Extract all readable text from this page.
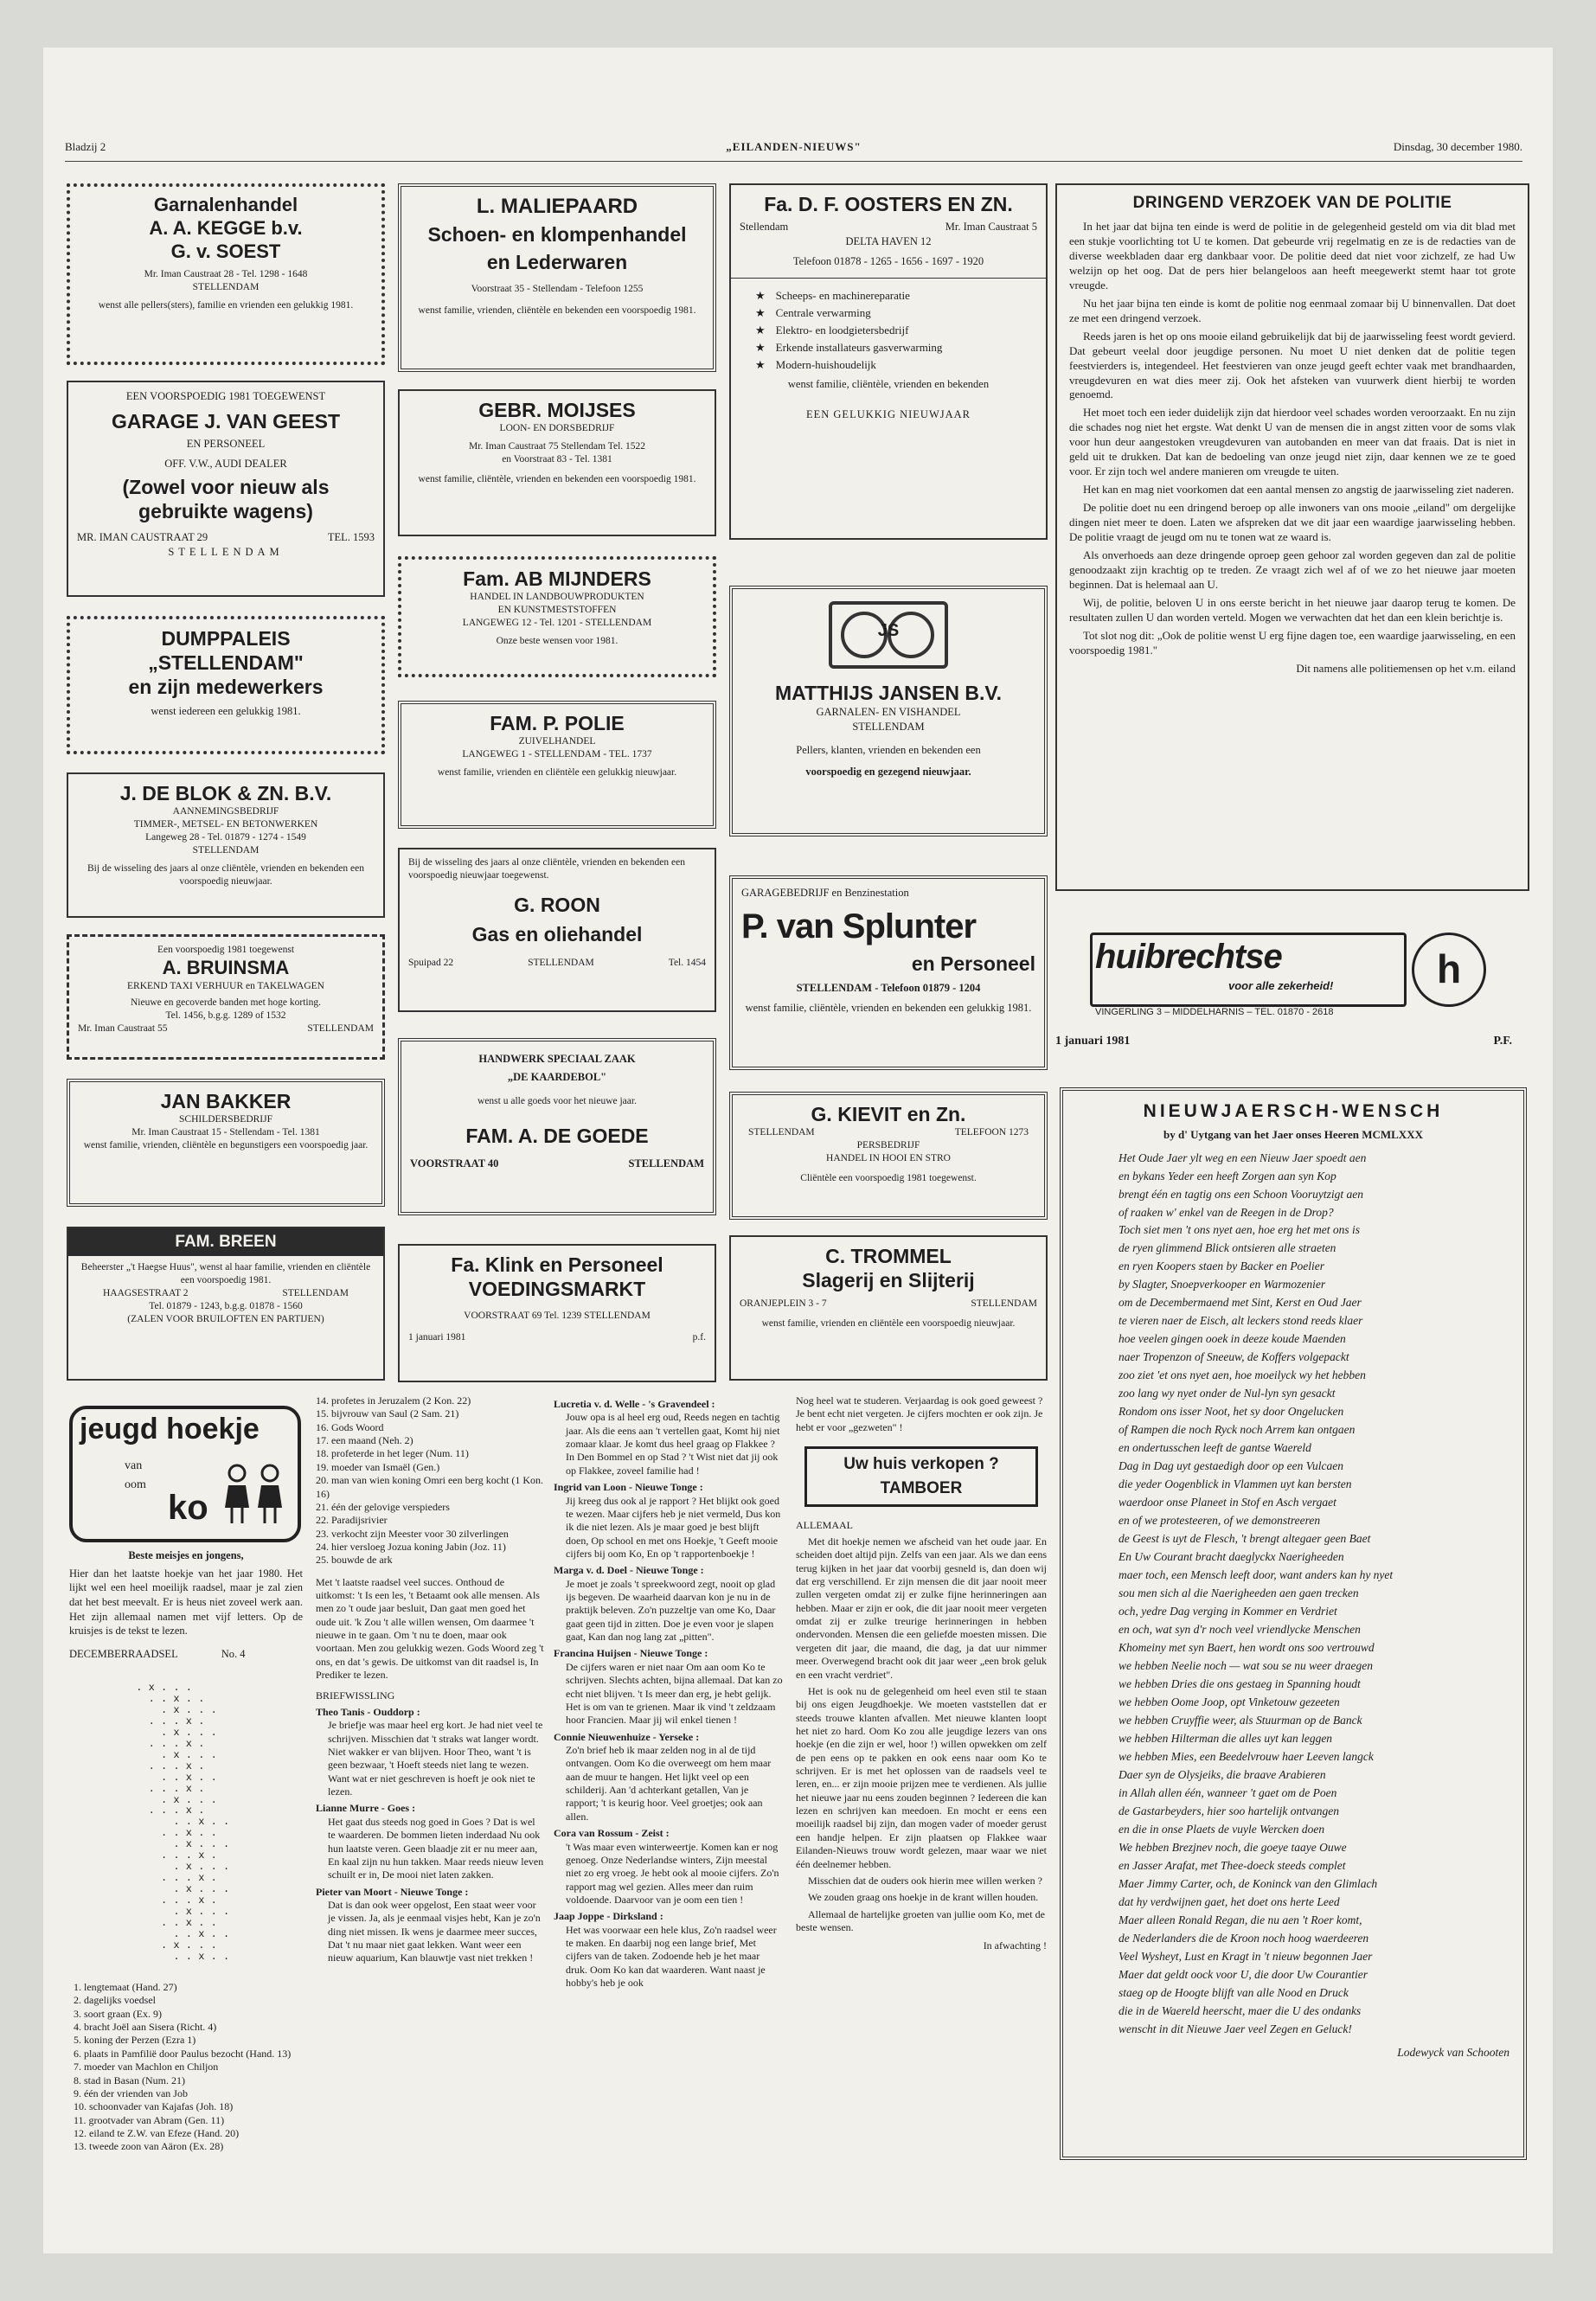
Bladzij 2	„EILANDEN-NIEUWS"	Dinsdag, 30 december 1980.
Garnalenhandel
A. A. KEGGE b.v.
G. v. SOEST
Mr. Iman Caustraat 28 - Tel. 1298 - 1648
STELLENDAM
wenst alle pellers(sters), familie en vrienden een gelukkig 1981.
EEN VOORSPOEDIG 1981 TOEGEWENST
GARAGE J. VAN GEEST
EN PERSONEEL
OFF. V.W., AUDI DEALER
(Zowel voor nieuw als gebruikte wagens)
MR. IMAN CAUSTRAAT 29	TEL. 1593
STELLENDAM
DUMPPALEIS
„STELLENDAM"
en zijn medewerkers
wenst iedereen een gelukkig 1981.
J. DE BLOK & ZN. B.V.
AANNEMINGSBEDRIJF
TIMMER-, METSEL- EN BETONWERKEN
Langeweg 28 - Tel. 01879 - 1274 - 1549
STELLENDAM
Bij de wisseling des jaars al onze cliëntèle, vrienden en bekenden een voorspoedig nieuwjaar.
Een voorspoedig 1981 toegewenst
A. BRUINSMA
ERKEND TAXI VERHUUR en TAKELWAGEN
Nieuwe en gecoverde banden met hoge korting.
Tel. 1456, b.g.g. 1289 of 1532
Mr. Iman Caustraat 55	STELLENDAM
JAN BAKKER
SCHILDERSBEDRIJF
Mr. Iman Caustraat 15 - Stellendam - Tel. 1381
wenst familie, vrienden, cliëntèle en begunstigers een voorspoedig jaar.
FAM. BREEN
Beheerster „'t Haegse Huus", wenst al haar familie, vrienden en cliëntèle een voorspoedig 1981.
HAAGSESTRAAT 2	STELLENDAM
Tel. 01879 - 1243, b.g.g. 01878 - 1560
(ZALEN VOOR BRUILOFTEN EN PARTIJEN)
L. MALIEPAARD
Schoen- en klompenhandel
en Lederwaren
Voorstraat 35 - Stellendam - Telefoon 1255
wenst familie, vrienden, cliëntèle en bekenden een voorspoedig 1981.
GEBR. MOIJSES
LOON- EN DORSBEDRIJF
Mr. Iman Caustraat 75 Stellendam Tel. 1522
en Voorstraat 83 - Tel. 1381
wenst familie, cliëntèle, vrienden en bekenden een voorspoedig 1981.
Fam. AB MIJNDERS
HANDEL IN LANDBOUWPRODUKTEN
EN KUNSTMESTSTOFFEN
LANGEWEG 12 - Tel. 1201 - STELLENDAM
Onze beste wensen voor 1981.
FAM. P. POLIE
ZUIVELHANDEL
LANGEWEG 1 - STELLENDAM - TEL. 1737
wenst familie, vrienden en cliëntèle een gelukkig nieuwjaar.
Bij de wisseling des jaars al onze cliëntèle, vrienden en bekenden een voorspoedig nieuwjaar toegewenst.
G. ROON
Gas en oliehandel
Spuipad 22	STELLENDAM	Tel. 1454
HANDWERK SPECIAAL ZAAK
„DE KAARDEBOL"
wenst u alle goeds voor het nieuwe jaar.
FAM. A. DE GOEDE
VOORSTRAAT 40	STELLENDAM
Fa. Klink en Personeel
VOEDINGSMARKT
VOORSTRAAT 69 Tel. 1239 STELLENDAM
1 januari 1981	p.f.
Fa. D. F. OOSTERS EN ZN.
Stellendam	Mr. Iman Caustraat 5
DELTA HAVEN 12
Telefoon 01878 - 1265 - 1656 - 1697 - 1920
★ Scheeps- en machinereparatie
★ Centrale verwarming
★ Elektro- en loodgietersbedrijf
★ Erkende installateurs gasverwarming
★ Modern-huishoudelijk
wenst familie, cliëntèle, vrienden en bekenden
EEN GELUKKIG NIEUWJAAR
JS
MATTHIJS JANSEN B.V.
GARNALEN- EN VISHANDEL
STELLENDAM
Pellers, klanten, vrienden en bekenden een
voorspoedig en gezegend nieuwjaar.
GARAGEBEDRIJF en Benzinestation
P. van Splunter
en Personeel
STELLENDAM - Telefoon 01879 - 1204
wenst familie, cliëntèle, vrienden en bekenden een gelukkig 1981.
G. KIEVIT en Zn.
STELLENDAM	TELEFOON 1273
PERSBEDRIJF
HANDEL IN HOOI EN STRO
Cliëntèle een voorspoedig 1981 toegewenst.
C. TROMMEL
Slagerij en Slijterij
ORANJEPLEIN 3 - 7	STELLENDAM
wenst familie, vrienden en cliëntèle een voorspoedig nieuwjaar.
DRINGEND VERZOEK VAN DE POLITIE

In het jaar dat bijna ten einde is werd de politie in de gelegenheid gesteld om via dit blad met een stukje voorlichting tot U te komen. Dat gebeurde vrij regelmatig en ze is de redacties van de diverse weekbladen daar erg dankbaar voor. De politie deed dat niet voor zichzelf, ze had Uw welzijn op het oog. Dat de pers hier belangeloos aan heeft meegewerkt stemt haar tot grote vreugde.

Nu het jaar bijna ten einde is komt de politie nog eenmaal zomaar bij U binnenvallen. Dat doet ze met een dringend verzoek.

Reeds jaren is het op ons mooie eiland gebruikelijk dat bij de jaarwisseling feest wordt gevierd. Dat gebeurt veelal door jeugdige personen. Nu moet U niet denken dat de politie tegen feestvierders is, integendeel. Het feestvieren van onze jeugd geeft echter vaak met brandhaarden, vreugdevuren en wat dies meer zij. Ook het afsteken van vuurwerk dient hierbij te worden genoemd.

Het moet toch een ieder duidelijk zijn dat hierdoor veel schades worden veroorzaakt. En nu zijn die schades nog niet het ergste. Wat denkt U van de mensen die in angst zitten voor de soms vlak voor hun deur aangestoken vreugdevuren van autobanden en meer van dat fraais. Dat is niet in geld uit te drukken. Dat kan de bedoeling van onze jeugd niet zijn, daar kennen we ze te goed voor. Er zijn toch wel andere manieren om vreugde te uiten.

Het kan en mag niet voorkomen dat een aantal mensen zo angstig de jaarwisseling ziet naderen.

De politie doet nu een dringend beroep op alle inwoners van ons mooie „eiland" om dergelijke dingen niet meer te doen. Laten we afspreken dat we dit jaar een waardige jaarwisseling hebben. De politie vraagt de jeugd om nu te tonen wat ze waard is.

Als onverhoeds aan deze dringende oproep geen gehoor zal worden gegeven dan zal de politie genoodzaakt zijn krachtig op te treden. Ze vraagt zich wel af of we zo het nieuwe jaar moeten beginnen. Dat is helemaal aan U.

Wij, de politie, beloven U in ons eerste bericht in het nieuwe jaar daarop terug te komen. De resultaten zullen U dan worden verteld. Mogen we verwachten dat het dan een klein berichtje is.

Tot slot nog dit: „Ook de politie wenst U erg fijne dagen toe, een waardige jaarwisseling, en een voorspoedig 1981."

Dit namens alle politiemensen op het v.m. eiland

huibrechtse
voor alle zekerheid!
VINGERLING 3 – MIDDELHARNIS – TEL. 01870 - 2618
h
1 januari 1981	P.F.
NIEUWJAERSCH-WENSCH
by d' Uytgang van het Jaer onses Heeren MCMLXXX
Het Oude Jaer ylt weg en een Nieuw Jaer spoedt aen
en bykans Yeder een heeft Zorgen aan syn Kop
brengt één en tagtig ons een Schoon Vooruytzigt aen
of raaken w' enkel van de Reegen in de Drop?
Toch siet men 't ons nyet aen, hoe erg het met ons is
de ryen glimmend Blick ontsieren alle straeten
en ryen Koopers staen by Backer en Poelier
by Slagter, Snoepverkooper en Warmozenier
om de Decembermaend met Sint, Kerst en Oud Jaer
te vieren naer de Eisch, alt leckers stond reeds klaer
hoe veelen gingen ooek in deeze koude Maenden
naer Tropenzon of Sneeuw, de Koffers volgepackt
zoo ziet 'et ons nyet aen, hoe moeilyck wy het hebben
zoo lang wy nyet onder de Nul-lyn syn gesackt
Rondom ons isser Noot, het sy door Ongelucken
of Rampen die noch Ryck noch Arrem kan ontgaen
en ondertusschen leeft de gantse Waereld
Dag in Dag uyt gestaedigh door op een Vulcaen
die yeder Oogenblick in Vlammen uyt kan bersten
waerdoor onse Planeet in Stof en Asch vergaet
en of we protesteeren, of we demonstreeren
de Geest is uyt de Flesch, 't brengt altegaer geen Baet
En Uw Courant bracht daeglyckx Naerigheeden
maer toch, een Mensch leeft door, want anders kan hy nyet
sou men sich al die Naerigheeden aen gaen trecken
och, yedre Dag verging in Kommer en Verdriet
en och, wat syn d'r noch veel vriendlycke Menschen
Khomeiny met syn Baert, hen wordt ons soo vertrouwd
we hebben Neelie noch — wat sou se nu weer draegen
we hebben Dries die ons gestaeg in Spanning houdt
we hebben Oome Joop, opt Vinketouw gezeeten
we hebben Cruyffie weer, als Stuurman op de Banck
we hebben Hilterman die alles uyt kan leggen
we hebben Mies, een Beedelvrouw haer Leeven langck
Daer syn de Olysjeiks, die braave Arabieren
in Allah allen één, wanneer 't gaet om de Poen
de Gastarbeyders, hier soo hartelijk ontvangen
en die in onse Plaets de vuyle Wercken doen
We hebben Brezjnev noch, die goeye taaye Ouwe
en Jasser Arafat, met Thee-doeck steeds complet
Maer Jimmy Carter, och, de Koninck van den Glimlach
dat hy verdwijnen gaet, het doet ons herte Leed
Maer alleen Ronald Regan, die nu aen 't Roer komt,
de Nederlanders die de Kroon noch hoog waerdeeren
Veel Wysheyt, Lust en Kragt in 't nieuw begonnen Jaer
Maer dat geldt oock voor U, die door Uw Courantier
staeg op de Hoogte blijft van alle Nood en Druck
die in de Waereld heerscht, maer die U des ondanks
wenscht in dit Nieuwe Jaer veel Zegen en Geluck!
Lodewyck van Schooten
jeugd hoekje
van
oom
ko

Beste meisjes en jongens,

Hier dan het laatste hoekje van het jaar 1980. Het lijkt wel een heel moeilijk raadsel, maar je zal zien dat het best meevalt. Er is heus niet zoveel werk aan. Het zijn allemaal namen met vijf letters. Op de kruisjes is de tekst te lezen.

DECEMBERRAADSEL	No. 4
. x . . .
. . x . .
. x . . .
. . . x .
. x . . .
. . . x .
. x . . .
. . . x .
. . x . .
. . . x .
. x . . .
. . . x .
. . x . .
. . x . .
. x . . .
. . . x .
. x . . .
. . . x .
. x . . .
. . . x .
. x . . .
. . x . .
. . x . .
. x . . .
. . x . .
1. lengtemaat (Hand. 27)
2. dagelijks voedsel
3. soort graan (Ex. 9)
4. bracht Joël aan Sisera (Richt. 4)
5. koning der Perzen (Ezra 1)
6. plaats in Pamfilië door Paulus bezocht (Hand. 13)
7. moeder van Machlon en Chiljon
8. stad in Basan (Num. 21)
9. één der vrienden van Job
10. schoonvader van Kajafas (Joh. 18)
11. grootvader van Abram (Gen. 11)
12. eiland te Z.W. van Efeze (Hand. 20)
13. tweede zoon van Aäron (Ex. 28)
14. profetes in Jeruzalem (2 Kon. 22)
15. bijvrouw van Saul (2 Sam. 21)
16. Gods Woord
17. een maand (Neh. 2)
18. profeterde in het leger (Num. 11)
19. moeder van Ismaël (Gen.)
20. man van wien koning Omri een berg kocht (1 Kon. 16)
21. één der gelovige verspieders
22. Paradijsrivier
23. verkocht zijn Meester voor 30 zilverlingen
24. hier versloeg Jozua koning Jabin (Joz. 11)
25. bouwde de ark

Met 't laatste raadsel veel succes. Onthoud de uitkomst: 't Is een les, 't Betaamt ook alle mensen. Als men zo 't oude jaar besluit, Dan gaat men goed het oude uit. 'k Zou 't alle willen wensen, Om daarmee 't nieuwe in te gaan. Om 't nu te doen, maar ook voortaan. Men zou gelukkig wezen. Gods Woord zeg 't ons, en dat 's gewis. De uitkomst van dit raadsel is, In Prediker te lezen.

BRIEFWISSLING

Theo Tanis - Ouddorp :

Je briefje was maar heel erg kort. Je had niet veel te schrijven. Misschien dat 't straks wat langer wordt. Niet wakker er van blijven. Hoor Theo, want 't is geen bezwaar, 't Hoeft steeds niet lang te wezen. Want wat er niet geschreven is hoeft je ook niet te lezen.

Lianne Murre - Goes :

Het gaat dus steeds nog goed in Goes ? Dat is wel te waarderen. De bommen lieten inderdaad Nu ook hun laatste veren. Geen blaadje zit er nu meer aan, En kaal zijn nu hun takken. Maar reeds nieuw leven schuilt er in, De mooi niet laten zakken.

Pieter van Moort - Nieuwe Tonge :

Dat is dan ook weer opgelost, Een staat weer voor je vissen. Ja, als je eenmaal visjes hebt, Kan je zo'n ding niet missen. Ik wens je daarmee meer succes, Dat 't nu maar niet gaat lekken. Want weer een nieuw aquarium, Kan blauwtje vast niet trekken !

Lucretia v. d. Welle - 's Gravendeel :

Jouw opa is al heel erg oud, Reeds negen en tachtig jaar. Als die eens aan 't vertellen gaat, Komt hij niet zomaar klaar. Je komt dus heel graag op Flakkee ? In Den Bommel en op Stad ? 't Wist niet dat jij ook op Flakkee, zoveel familie had !

Ingrid van Loon - Nieuwe Tonge :

Jij kreeg dus ook al je rapport ? Het blijkt ook goed te wezen. Maar cijfers heb je niet vermeld, Dus kon ik die niet lezen. Als je maar goed je best blijft doen, Op school en met ons Hoekje, 't Geeft mooie cijfers bij oom Ko, En op 't rapportenboekje !

Marga v. d. Doel - Nieuwe Tonge :

Je moet je zoals 't spreekwoord zegt, nooit op glad ijs begeven. De waarheid daarvan kon je nu in de praktijk beleven. Zo'n puzzeltje van ome Ko, Daar gaat geen tijd in zitten. Doe je even voor je slapen gaat, Kan dan nog lang zat „pitten".

Francina Huijsen - Nieuwe Tonge :

De cijfers waren er niet naar Om aan oom Ko te schrijven. Slechts achten, bijna allemaal. Dat kan zo echt niet blijven. 't Is meer dan erg, je hebt gelijk. Het is om van te grienen. Maar ik vind 't zeldzaam hoor Francien. Maar jij wil enkel tienen !

Connie Nieuwenhuize - Yerseke :

Zo'n brief heb ik maar zelden nog in al de tijd ontvangen. Oom Ko die overweegt om hem maar aan de muur te hangen. Het lijkt veel op een schilderij. Aan 'd achterkant getallen, Van je rapport; 't is keurig hoor. Veel groetjes; ook aan allen.

Cora van Rossum - Zeist :

't Was maar even winterweertje. Komen kan er nog genoeg. Onze Nederlandse winters, Zijn meestal niet zo erg vroeg. Je hebt ook al mooie cijfers. Zo'n rapport mag wel gezien. Alles meer dan ruim voldoende. Daarvoor van je oom een tien !

Jaap Joppe - Dirksland :

Het was voorwaar een hele klus, Zo'n raadsel weer te maken. En daarbij nog een lange brief, Met cijfers van de taken. Zodoende heb je het maar druk. Oom Ko kan dat waarderen. Want naast je hobby's heb je ook

Nog heel wat te studeren. Verjaardag is ook goed geweest ? Je bent echt niet vergeten. Je cijfers mochten er ook zijn. Je hebt er voor „gezweten" !

Uw huis verkopen ?
TAMBOER

ALLEMAAL

Met dit hoekje nemen we afscheid van het oude jaar. En scheiden doet altijd pijn. Zelfs van een jaar. Als we dan eens terug kijken in het jaar dat voorbij gesneld is, dan doen wij dat erg verschillend. Er zijn mensen die dit jaar nooit meer zullen vergeten omdat zij er zulke fijne herinneringen aan hebben. Maar er zijn er ook, die dit jaar nooit meer vergeten omdat zij er zulke treurige herinneringen in hebben ondervonden. Mensen die een geliefde moesten missen. Die vergeten dit jaar, die maand, die dag, ja dat uur nimmer meer. Overwegend bracht ook dit jaar weer „een brok geluk en een vracht verdriet".

Het is ook nu de gelegenheid om heel even stil te staan bij ons eigen Jeugdhoekje. We moeten vaststellen dat er steeds trouwe klanten afvallen. Met nieuwe klanten loopt het niet zo hard. Oom Ko zou alle jeugdige lezers van ons hoekje (en die zijn er wel, hoor !) willen opwekken om zelf de pen eens op te pakken en ook eens naar oom Ko te schrijven. Er is met het oplossen van de raadsels veel te leren, en... er zijn mooie prijzen mee te verdienen. Als jullie het nieuwe jaar nu eens zouden beginnen ? Iedereen die kan lezen en schrijven kan meedoen. En mocht er eens een moeilijk raadsel bij zijn, dan mogen vader of moeder gerust een handje helpen. Er zijn plaatsen op Flakkee waar Eilanden-Nieuws trouw wordt gelezen, maar waar we niet één deelnemer hebben.

Misschien dat de ouders ook hierin mee willen werken ?

We zouden graag ons hoekje in de krant willen houden.

Allemaal de hartelijke groeten van jullie oom Ko, met de beste wensen.

In afwachting !
